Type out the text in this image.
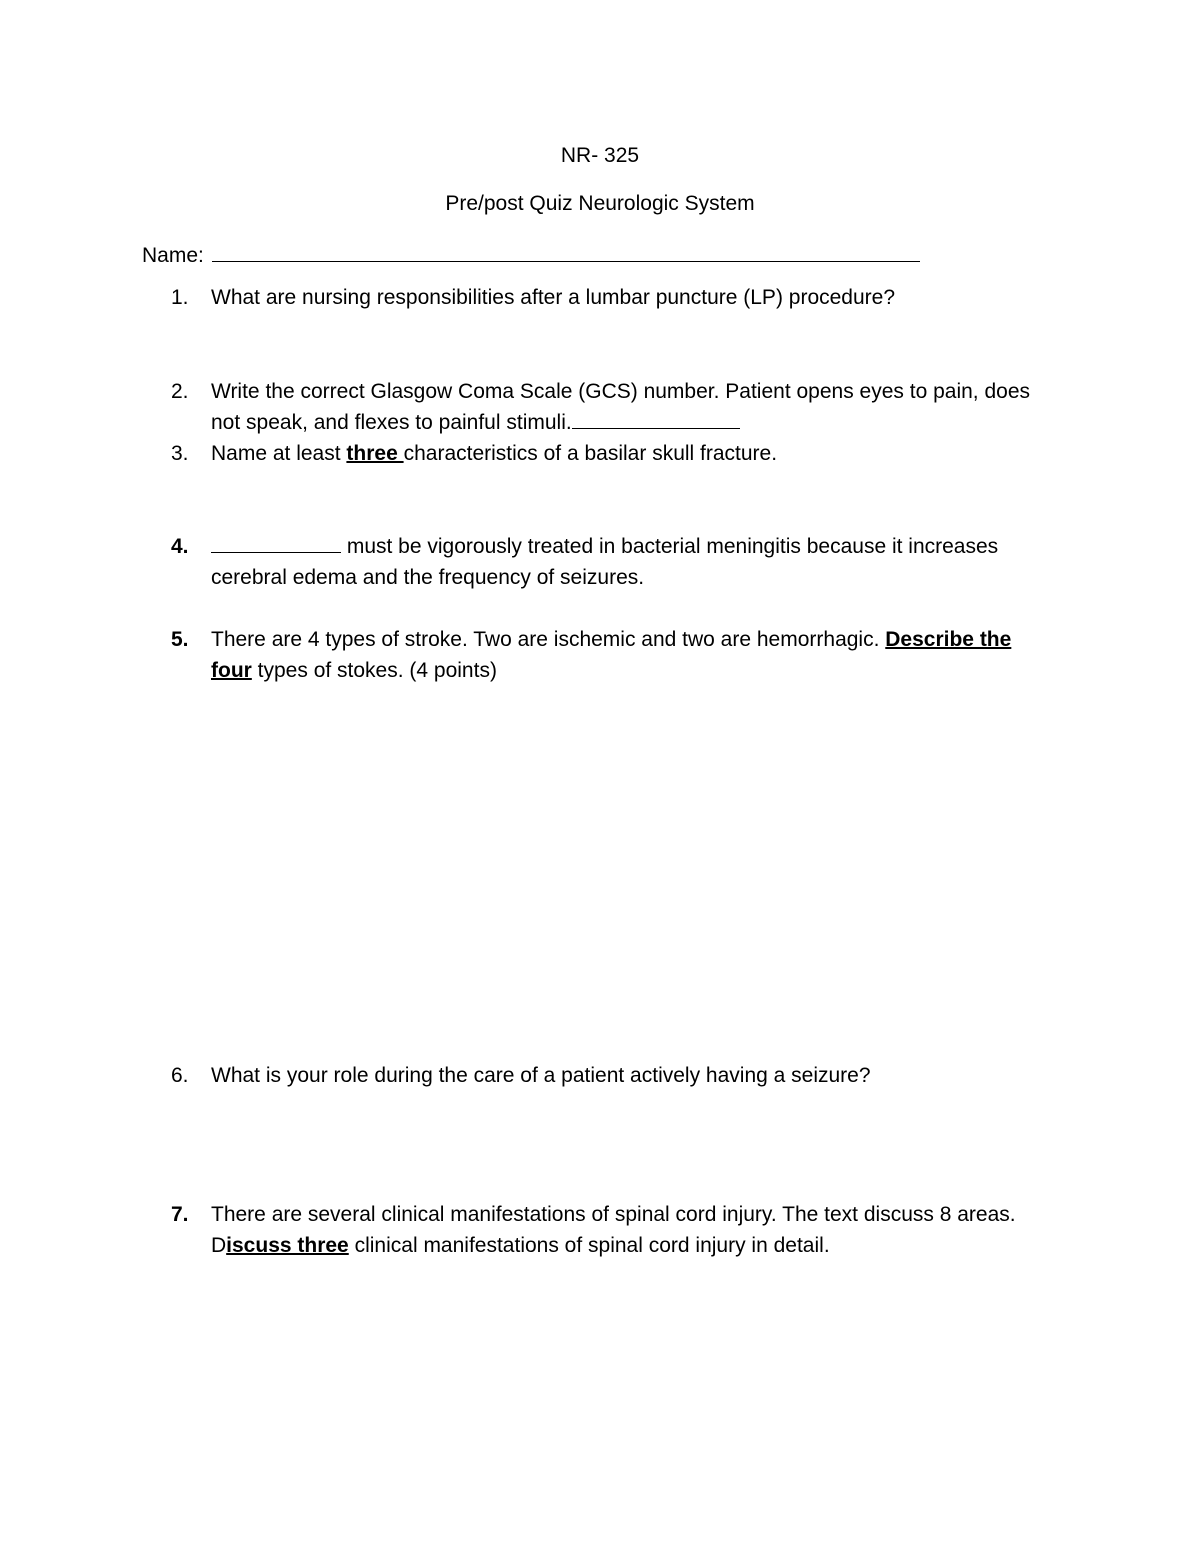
NR- 325
Pre/post Quiz Neurologic System
Name:
1.	What are nursing responsibilities after a lumbar puncture (LP) procedure?
2.	Write the correct Glasgow Coma Scale (GCS) number. Patient opens eyes to pain, does
not speak, and flexes to painful stimuli.
3.	Name at least three characteristics of a basilar skull fracture.
4.	must be vigorously treated in bacterial meningitis because it increases
cerebral edema and the frequency of seizures.
5.	There are 4 types of stroke. Two are ischemic and two are hemorrhagic. Describe the
four types of stokes. (4 points)
6.	What is your role during the care of a patient actively having a seizure?
7.	There are several clinical manifestations of spinal cord injury. The text discuss 8 areas.
Discuss three clinical manifestations of spinal cord injury in detail.
